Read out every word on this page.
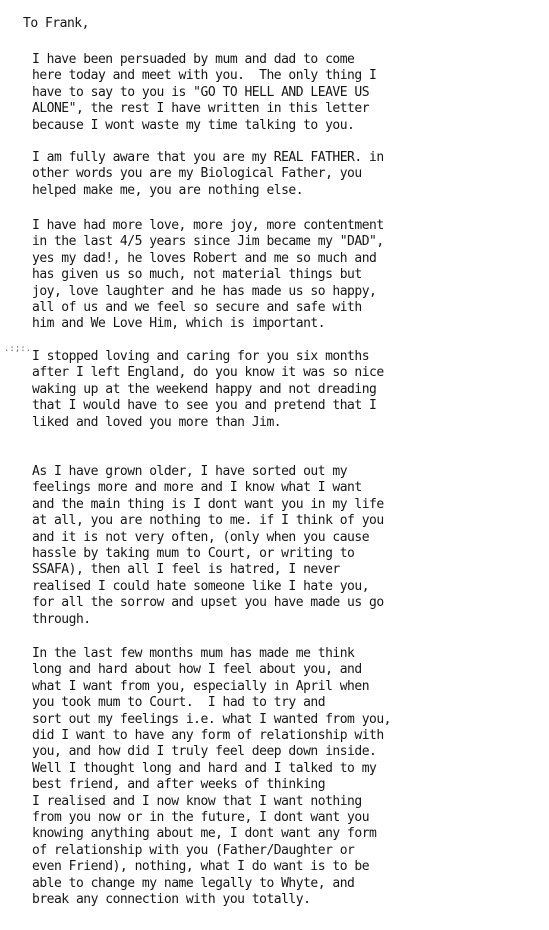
To Frank,
I have been persuaded by mum and dad to come
here today and meet with you.  The only thing I
have to say to you is "GO TO HELL AND LEAVE US
ALONE", the rest I have written in this letter
because I wont waste my time talking to you.
I am fully aware that you are my REAL FATHER. in
other words you are my Biological Father, you
helped make me, you are nothing else.
I have had more love, more joy, more contentment
in the last 4/5 years since Jim became my "DAD",
yes my dad!, he loves Robert and me so much and
has given us so much, not material things but
joy, love laughter and he has made us so happy,
all of us and we feel so secure and safe with
him and We Love Him, which is important.
.:;:. I stopped loving and caring for you six months
after I left England, do you know it was so nice
waking up at the weekend happy and not dreading
that I would have to see you and pretend that I
liked and loved you more than Jim.
As I have grown older, I have sorted out my
feelings more and more and I know what I want
and the main thing is I dont want you in my life
at all, you are nothing to me. if I think of you
and it is not very often, (only when you cause
hassle by taking mum to Court, or writing to
SSAFA), then all I feel is hatred, I never
realised I could hate someone like I hate you,
for all the sorrow and upset you have made us go
through.
In the last few months mum has made me think
long and hard about how I feel about you, and
what I want from you, especially in April when
you took mum to Court.  I had to try and
sort out my feelings i.e. what I wanted from you,
did I want to have any form of relationship with
you, and how did I truly feel deep down inside.
Well I thought long and hard and I talked to my
best friend, and after weeks of thinking
I realised and I now know that I want nothing
from you now or in the future, I dont want you
knowing anything about me, I dont want any form
of relationship with you (Father/Daughter or
even Friend), nothing, what I do want is to be
able to change my name legally to Whyte, and
break any connection with you totally.
